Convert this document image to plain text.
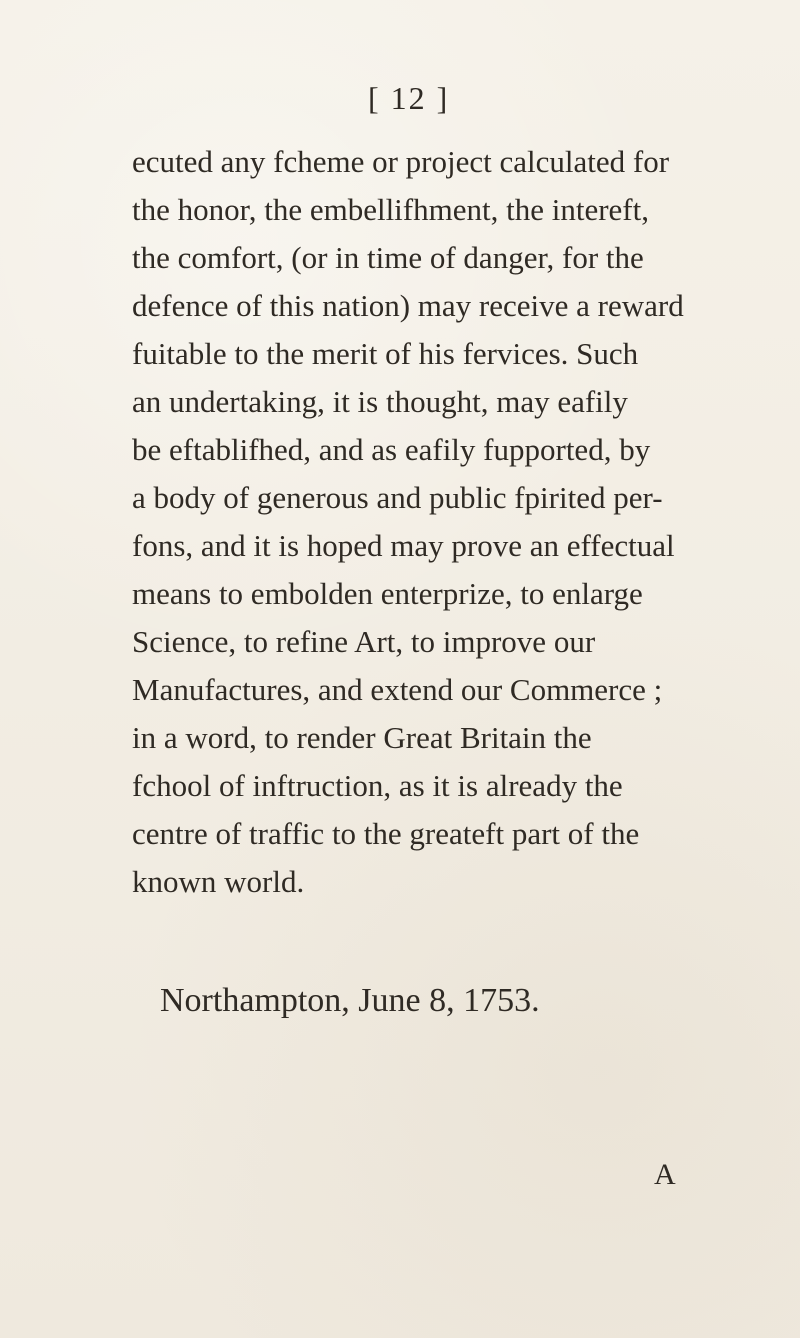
[ 12 ]
ecuted any fcheme or project calculated for
the honor, the embellifhment, the intereft,
the comfort, (or in time of danger, for the
defence of this nation) may receive a reward
fuitable to the merit of his fervices. Such
an undertaking, it is thought, may eafily
be eftablifhed, and as eafily fupported, by
a body of generous and public fpirited per-
fons, and it is hoped may prove an effectual
means to embolden enterprize, to enlarge
Science, to refine Art, to improve our
Manufactures, and extend our Commerce ;
in a word, to render Great Britain the
fchool of inftruction, as it is already the
centre of traffic to the greateft part of the
known world.
Northampton, June 8, 1753.
A
